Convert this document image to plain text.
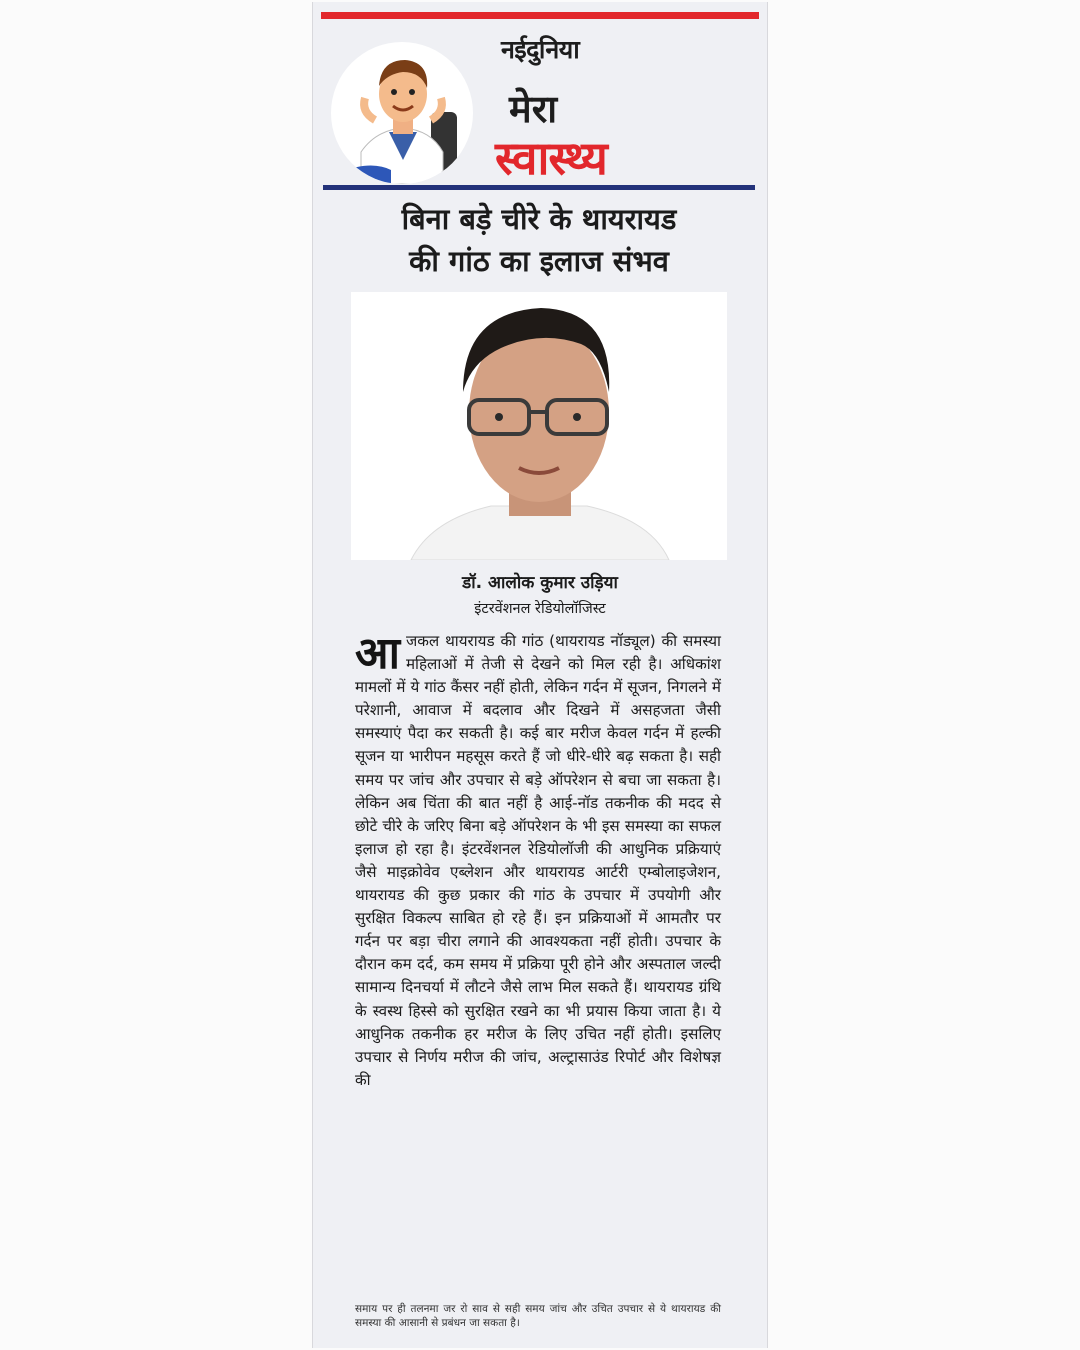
नईदुनिया
मेरा
स्वास्थ्य
बिना बड़े चीरे के थायरायड
की गांठ का इलाज संभव
डॉ. आलोक कुमार उड़िया
इंटरवेंशनल रेडियोलॉजिस्ट
आ जकल थायरायड की गांठ (थायरायड नॉड्यूल) की समस्या महिलाओं में तेजी से देखने को मिल रही है। अधिकांश मामलों में ये गांठ कैंसर नहीं होती, लेकिन गर्दन में सूजन, निगलने में परेशानी, आवाज में बदलाव और दिखने में असहजता जैसी समस्याएं पैदा कर सकती है। कई बार मरीज केवल गर्दन में हल्की सूजन या भारीपन महसूस करते हैं जो धीरे-धीरे बढ़ सकता है। सही समय पर जांच और उपचार से बड़े ऑपरेशन से बचा जा सकता है। लेकिन अब चिंता की बात नहीं है आई-नॉड तकनीक की मदद से छोटे चीरे के जरिए बिना बड़े ऑपरेशन के भी इस समस्या का सफल इलाज हो रहा है। इंटरवेंशनल रेडियोलॉजी की आधुनिक प्रक्रियाएं जैसे माइक्रोवेव एब्लेशन और थायरायड आर्टरी एम्बोलाइजेशन, थायरायड की कुछ प्रकार की गांठ के उपचार में उपयोगी और सुरक्षित विकल्प साबित हो रहे हैं। इन प्रक्रियाओं में आमतौर पर गर्दन पर बड़ा चीरा लगाने की आवश्यकता नहीं होती। उपचार के दौरान कम दर्द, कम समय में प्रक्रिया पूरी होने और अस्पताल जल्दी सामान्य दिनचर्या में लौटने जैसे लाभ मिल सकते हैं। थायरायड ग्रंथि के स्वस्थ हिस्से को सुरक्षित रखने का भी प्रयास किया जाता है। ये आधुनिक तकनीक हर मरीज के लिए उचित नहीं होती। इसलिए उपचार से निर्णय मरीज की जांच, अल्ट्रासाउंड रिपोर्ट और विशेषज्ञ की
समाय पर ही तलनमा जर रो साव से सही समय जांच और उचित उपचार से ये थायरायड की समस्या की आसानी से प्रबंधन जा सकता है।
